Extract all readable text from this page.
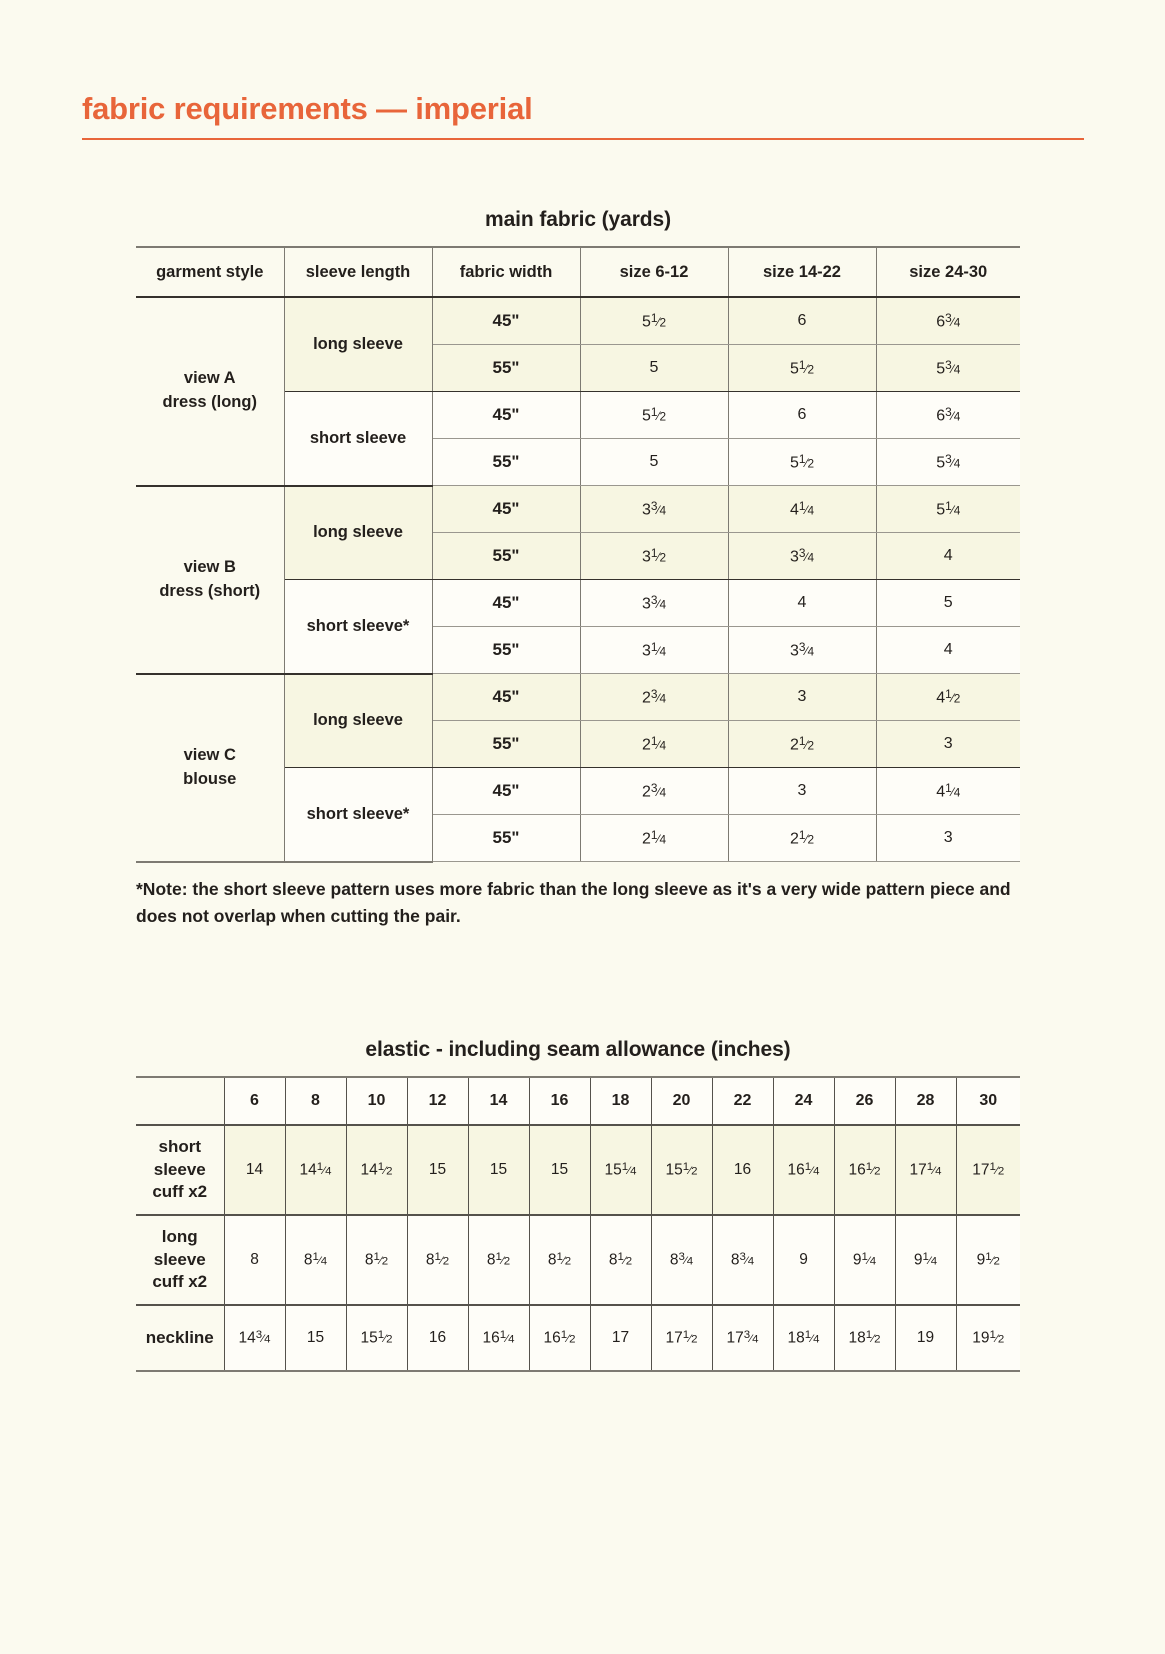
fabric requirements — imperial
main fabric (yards)
garment style	sleeve length	fabric width	size 6-12	size 14-22	size 24-30
view A
dress (long)	long sleeve	45"	$5^1⁄_2$	6	$6^3⁄_4$
		55"	5	$5^1⁄_2$	$5^3⁄_4$
	short sleeve	45"	$5^1⁄_2$	6	$6^3⁄_4$
		55"	5	$5^1⁄_2$	$5^3⁄_4$
view B
dress (short)	long sleeve	45"	$3^3⁄_4$	$4^1⁄_4$	$5^1⁄_4$
		55"	$3^1⁄_2$	$3^3⁄_4$	4
	short sleeve*	45"	$3^3⁄_4$	4	5
		55"	$3^1⁄_4$	$3^3⁄_4$	4
view C
blouse	long sleeve	45"	$2^3⁄_4$	3	$4^1⁄_2$
		55"	$2^1⁄_4$	$2^1⁄_2$	3
	short sleeve*	45"	$2^3⁄_4$	3	$4^1⁄_4$
		55"	$2^1⁄_4$	$2^1⁄_2$	3
*Note: the short sleeve pattern uses more fabric than the long sleeve as it's a very wide pattern piece and does not overlap when cutting the pair.
elastic - including seam allowance (inches)
	6	8	10	12	14	16	18	20	22	24	26	28	30
short
sleeve
cuff x2	14	$14^1⁄_4$	$14^1⁄_2$	15	15	15	$15^1⁄_4$	$15^1⁄_2$	16	$16^1⁄_4$	$16^1⁄_2$	$17^1⁄_4$	$17^1⁄_2$
long
sleeve
cuff x2	8	$8^1⁄_4$	$8^1⁄_2$	$8^1⁄_2$	$8^1⁄_2$	$8^1⁄_2$	$8^1⁄_2$	$8^3⁄_4$	$8^3⁄_4$	9	$9^1⁄_4$	$9^1⁄_4$	$9^1⁄_2$
neckline	$14^3⁄_4$	15	$15^1⁄_2$	16	$16^1⁄_4$	$16^1⁄_2$	17	$17^1⁄_2$	$17^3⁄_4$	$18^1⁄_4$	$18^1⁄_2$	19	$19^1⁄_2$
